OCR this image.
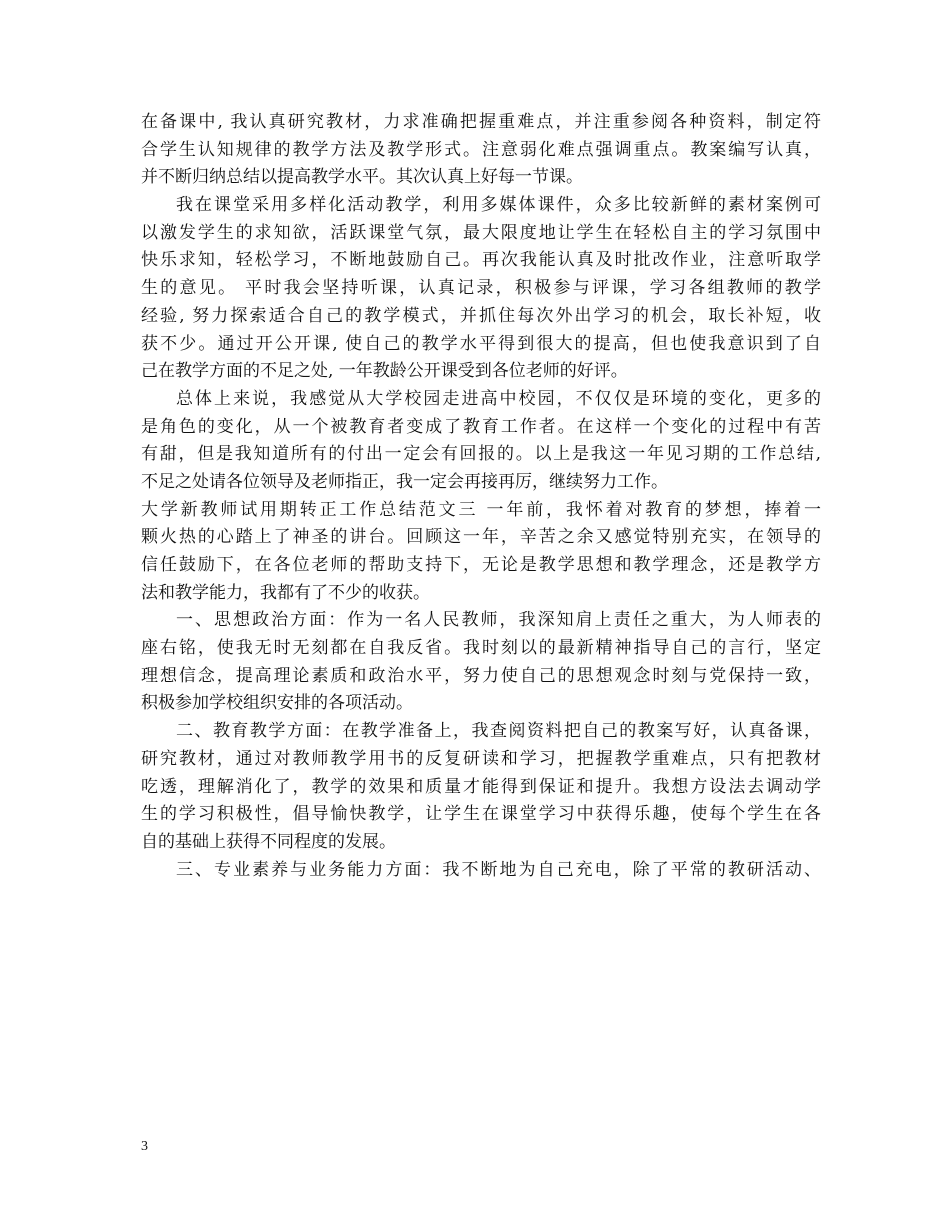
在备课中, 我认真研究教材，力求准确把握重难点，并注重参阅各种资料，制定符
合学生认知规律的教学方法及教学形式。注意弱化难点强调重点。教案编写认真，
并不断归纳总结以提高教学水平。其次认真上好每一节课。
我在课堂采用多样化活动教学，利用多媒体课件，众多比较新鲜的素材案例可
以激发学生的求知欲，活跃课堂气氛，最大限度地让学生在轻松自主的学习氛围中
快乐求知，轻松学习，不断地鼓励自己。再次我能认真及时批改作业，注意听取学
生的意见。 平时我会坚持听课，认真记录，积极参与评课，学习各组教师的教学
经验, 努力探索适合自己的教学模式，并抓住每次外出学习的机会，取长补短，收
获不少。通过开公开课, 使自己的教学水平得到很大的提高，但也使我意识到了自
己在教学方面的不足之处, 一年教龄公开课受到各位老师的好评。
总体上来说，我感觉从大学校园走进高中校园，不仅仅是环境的变化，更多的
是角色的变化，从一个被教育者变成了教育工作者。在这样一个变化的过程中有苦
有甜，但是我知道所有的付出一定会有回报的。以上是我这一年见习期的工作总结,
不足之处请各位领导及老师指正，我一定会再接再厉，继续努力工作。
大学新教师试用期转正工作总结范文三 一年前，我怀着对教育的梦想，捧着一
颗火热的心踏上了神圣的讲台。回顾这一年，辛苦之余又感觉特别充实，在领导的
信任鼓励下，在各位老师的帮助支持下，无论是教学思想和教学理念，还是教学方
法和教学能力，我都有了不少的收获。
一、思想政治方面：作为一名人民教师，我深知肩上责任之重大，为人师表的
座右铭，使我无时无刻都在自我反省。我时刻以的最新精神指导自己的言行，坚定
理想信念，提高理论素质和政治水平，努力使自己的思想观念时刻与党保持一致，
积极参加学校组织安排的各项活动。
二、教育教学方面：在教学准备上，我查阅资料把自己的教案写好，认真备课，
研究教材，通过对教师教学用书的反复研读和学习，把握教学重难点，只有把教材
吃透，理解消化了，教学的效果和质量才能得到保证和提升。我想方设法去调动学
生的学习积极性，倡导愉快教学，让学生在课堂学习中获得乐趣，使每个学生在各
自的基础上获得不同程度的发展。
三、专业素养与业务能力方面：我不断地为自己充电，除了平常的教研活动、
3
